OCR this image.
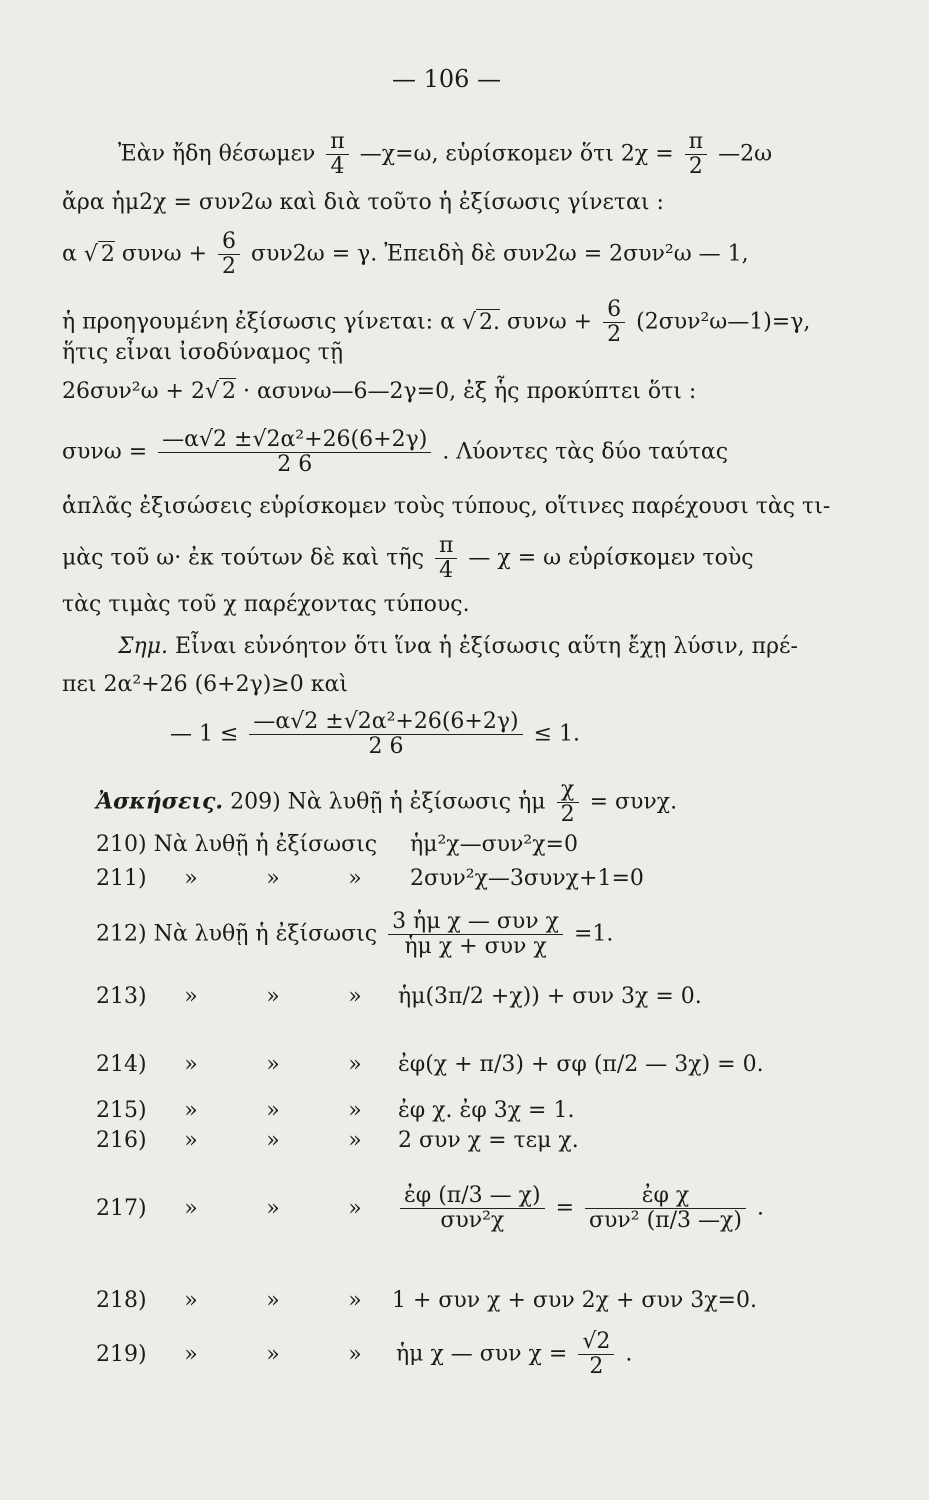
— 106 —
Ἐὰν ἤδη θέσωμεν $\frac{\pi}{4}$ —χ=ω, εὑρίσκομεν ὅτι $2\chi = \frac{\pi}{2}$ —2ω
ἄρα ἡμ2χ = συν2ω καὶ διὰ τοῦτο ἡ ἐξίσωσις γίνεται :
α √ 2 $\sigma\upsilon\nu\omega + \frac{6}{2} \sigma\upsilon\nu 2\omega = \gamma$. Ἐπειδὴ δὲ συν2ω = 2συν²ω — 1,
ἡ προηγουμένη ἐξίσωσις γίνεται: α √ 2. $\sigma\upsilon\nu\omega + \frac{6}{2}$ (2συν²ω—1)=γ,
ἥτις εἶναι ἰσοδύναμος τῇ
26συν²ω + 2 √ 2 · ασυνω—6—2γ=0, ἐξ ἧς προκύπτει ὅτι :
$\sigma\upsilon\nu\omega = \frac{\text{—α√2 ±√2α²+26(6+2γ)}}{2 6}$ . Λύοντες τὰς δύο ταύτας
ἁπλᾶς ἐξισώσεις εὑρίσκομεν τοὺς τύπους, οἵτινες παρέχουσι τὰς τι-
μὰς τοῦ ω· ἐκ τούτων δὲ καὶ τῆς $\frac{\pi}{4}$ — χ = ω εὑρίσκομεν τοὺς
τὰς τιμὰς τοῦ χ παρέχοντας τύπους.
Σημ. Εἶναι εὐνόητον ὅτι ἵνα ἡ ἐξίσωσις αὕτη ἔχῃ λύσιν, πρέ-
πει 2α²+26 (6+2γ)≥0 καὶ
— $1 \le \frac{\text{—α√2 ±√2α²+26(6+2γ)}}{2 6} \le 1$.
Ἀσκήσεις. 209) Νὰ λυθῇ ἡ ἐξίσωσις ἡμ $\frac{\chi}{2} = \sigma\upsilon\nu\chi$.
210) Νὰ λυθῇ ἡ ἐξίσωσις ἡμ²χ—συν²χ=0
211)	»	»	»	2συν²χ—3συνχ+1=0
212) Νὰ λυθῇ ἡ ἐξίσωσις $\frac{\text{3 ἡμ χ — συν χ}}{\text{ἡμ χ + συν χ}} =1$.
213)	»	»	»	ἡμ(3π/2 +χ)) + συν 3χ = 0.
214)	»	»	»	ἐφ(χ + π/3) + σφ (π/2 — 3χ) = 0.
215)	»	»	»	ἐφ χ. ἐφ 3χ = 1.
216)	»	»	»	2 συν χ = τεμ χ.
217)	»	»	»	$\frac{\text{ἐφ (π/3 — χ)}}{\text{συν²χ}} = \frac{\text{ἐφ χ}}{\text{συν² (π/3 —χ)}}$ .
218)	»	»	»	1 + συν χ + συν 2χ + συν 3χ=0.
219)	»	»	»	ἡμ χ — συν $\chi = \frac{√2}{2}$ .
